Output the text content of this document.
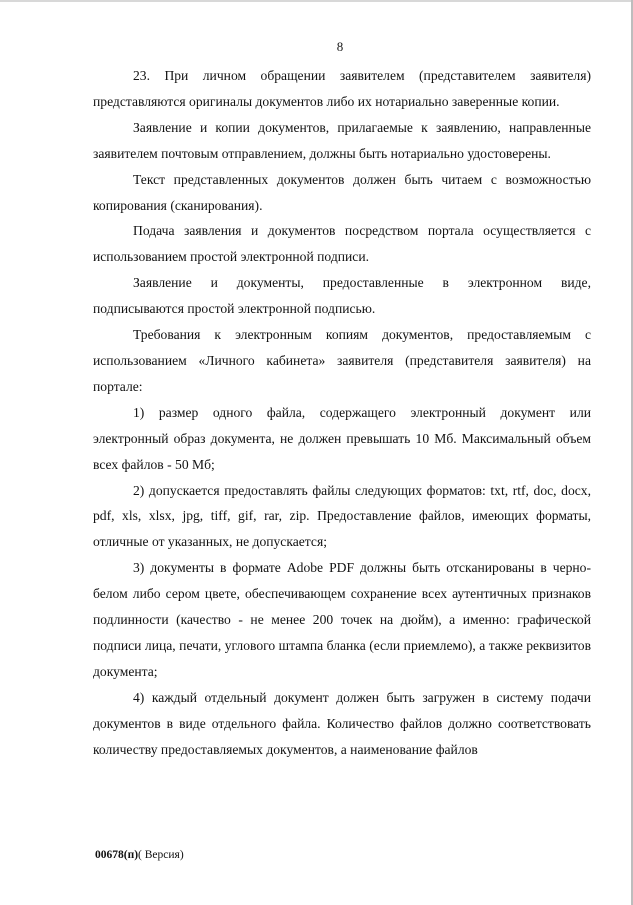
8

23. При личном обращении заявителем (представителем заявителя) представляются оригиналы документов либо их нотариально заверенные копии.

Заявление и копии документов, прилагаемые к заявлению, направленные заявителем почтовым отправлением, должны быть нотариально удостоверены.

Текст представленных документов должен быть читаем с возможностью копирования (сканирования).

Подача заявления и документов посредством портала осуществляется с использованием простой электронной подписи.

Заявление и документы, предоставленные в электронном виде, подписываются простой электронной подписью.

Требования к электронным копиям документов, предоставляемым с использованием «Личного кабинета» заявителя (представителя заявителя) на портале:

1) размер одного файла, содержащего электронный документ или электронный образ документа, не должен превышать 10 Мб. Максимальный объем всех файлов - 50 Мб;

2) допускается предоставлять файлы следующих форматов: txt, rtf, doc, docx, pdf, xls, xlsx, jpg, tiff, gif, rar, zip. Предоставление файлов, имеющих форматы, отличные от указанных, не допускается;

3) документы в формате Adobe PDF должны быть отсканированы в черно-белом либо сером цвете, обеспечивающем сохранение всех аутентичных признаков подлинности (качество - не менее 200 точек на дюйм), а именно: графической подписи лица, печати, углового штампа бланка (если приемлемо), а также реквизитов документа;

4) каждый отдельный документ должен быть загружен в систему подачи документов в виде отдельного файла. Количество файлов должно соответствовать количеству предоставляемых документов, а наименование файлов

00678(п)( Версия)
